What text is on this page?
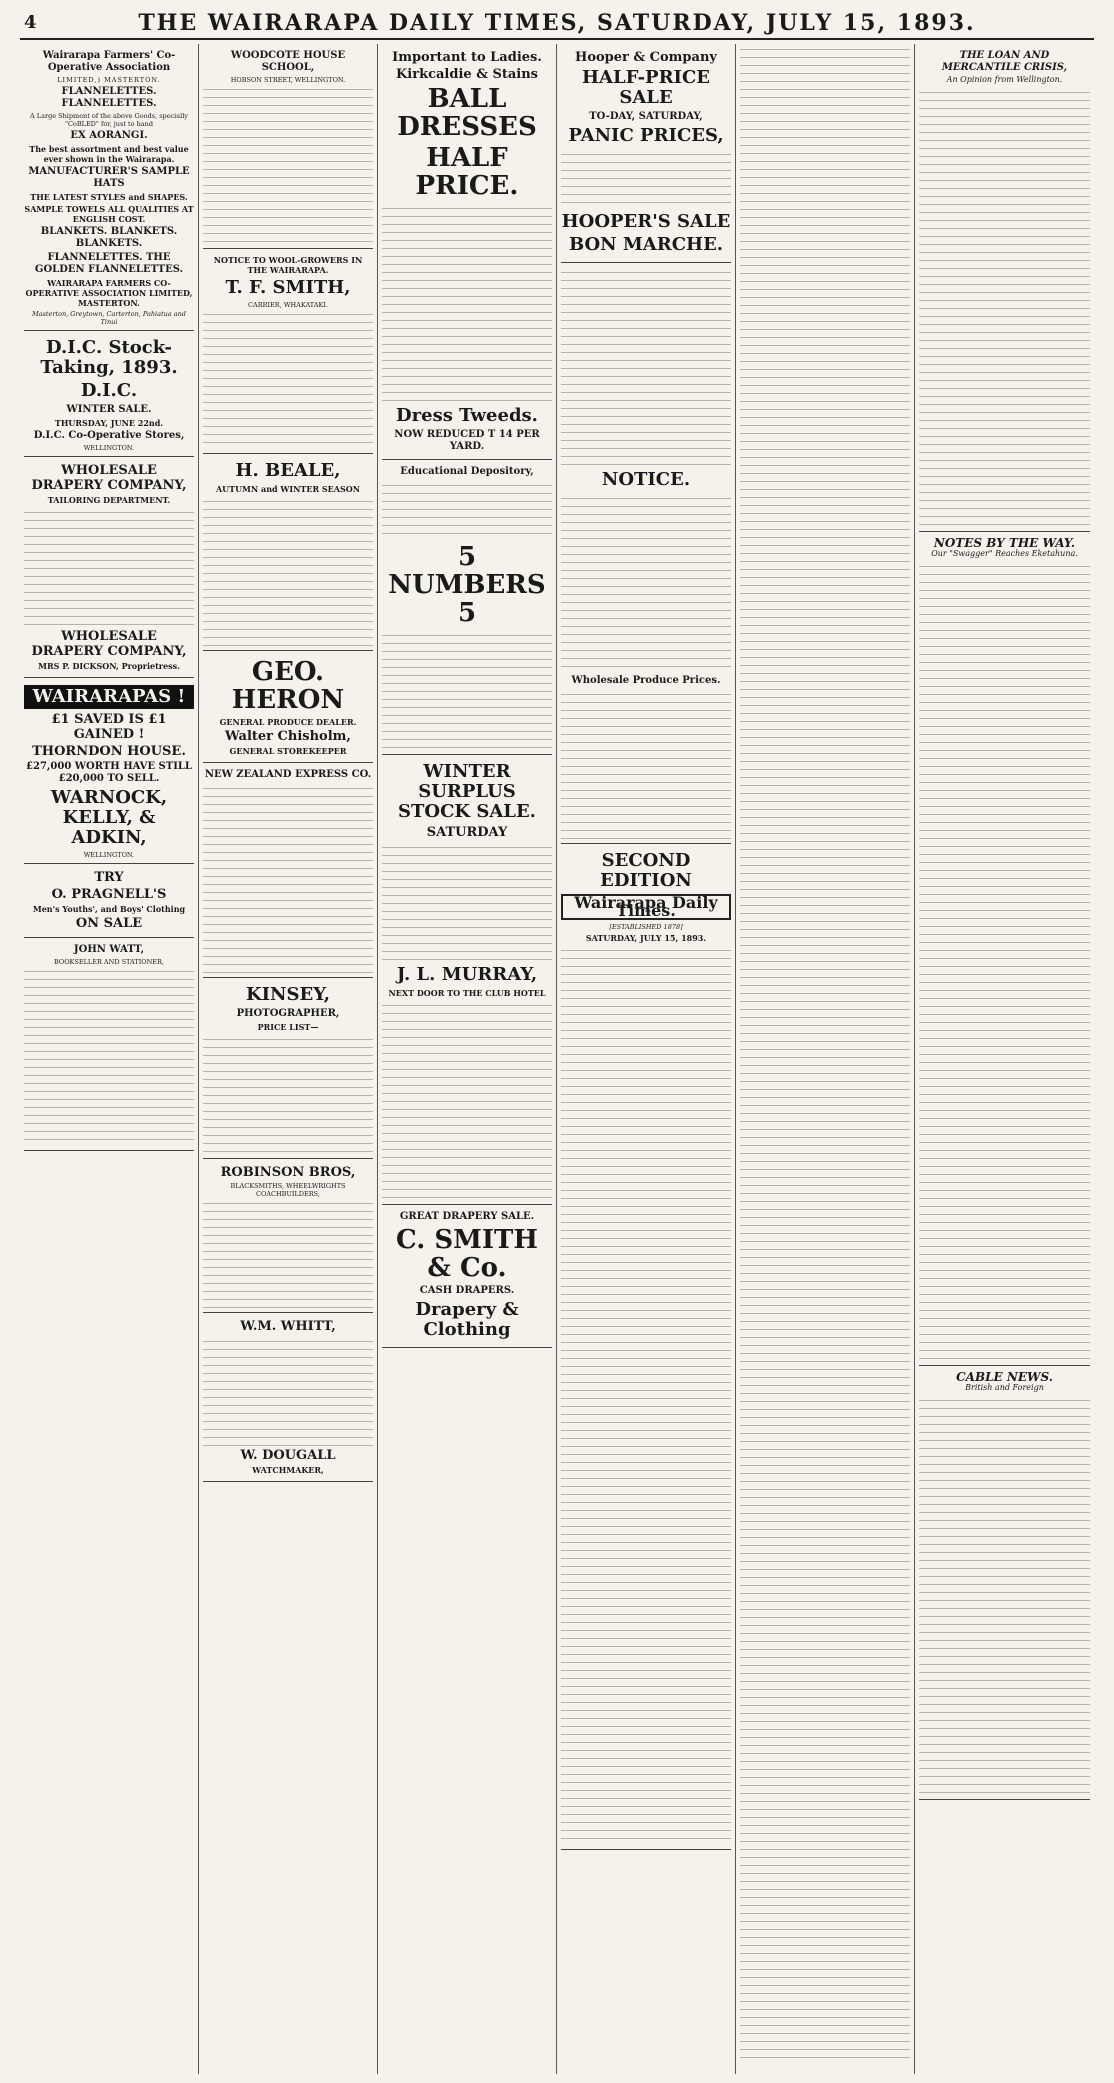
4	THE WAIRARAPA DAILY TIMES, SATURDAY, JULY 15, 1893.
Wairarapa Farmers' Co-Operative Association
LIMITED,) MASTERTON.
FLANNELETTES. FLANNELETTES.
A Large Shipment of the above Goods, specially "CoBLED" for, just to hand
EX AORANGI.
The best assortment and best value ever shown in the Wairarapa.
MANUFACTURER'S SAMPLE HATS
THE LATEST STYLES and SHAPES.
SAMPLE TOWELS ALL QUALITIES AT ENGLISH COST.
BLANKETS. BLANKETS. BLANKETS.
FLANNELETTES. THE GOLDEN FLANNELETTES.
WAIRARAPA FARMERS CO-OPERATIVE ASSOCIATION LIMITED, MASTERTON.
Masterton, Greytown, Carterton, Pahiatua and Tinui
D.I.C. Stock-Taking, 1893.
D.I.C.
WINTER SALE.
THURSDAY, JUNE 22nd.
D.I.C. Co-Operative Stores,
WELLINGTON.
WHOLESALE DRAPERY COMPANY,
TAILORING DEPARTMENT.
WHOLESALE DRAPERY COMPANY,
MRS P. DICKSON, Proprietress.
WAIRARAPAS !
£1 SAVED IS £1 GAINED !
THORNDON HOUSE.
£27,000 WORTH HAVE STILL £20,000 TO SELL.
WARNOCK, KELLY, & ADKIN,
WELLINGTON.
TRY
O. PRAGNELL'S
Men's Youths', and Boys' Clothing
ON SALE
JOHN WATT,
BOOKSELLER AND STATIONER,
WOODCOTE HOUSE SCHOOL,
HOBSON STREET, WELLINGTON.
NOTICE TO WOOL-GROWERS IN THE WAIRARAPA.
T. F. SMITH,
CARRIER, WHAKATAKI.
H. BEALE,
AUTUMN and WINTER SEASON
GEO. HERON
GENERAL PRODUCE DEALER.
Walter Chisholm,
GENERAL STOREKEEPER
NEW ZEALAND EXPRESS CO.
KINSEY,
PHOTOGRAPHER,
PRICE LIST—
ROBINSON BROS,
BLACKSMITHS, WHEELWRIGHTS COACHBUILDERS,
W.M. WHITT,
W. DOUGALL
WATCHMAKER,
Important to Ladies.
Kirkcaldie & Stains
BALL DRESSES
HALF PRICE.
Dress Tweeds.
NOW REDUCED T 14 PER YARD.
Educational Depository,
5 NUMBERS 5
WINTER SURPLUS STOCK SALE.
SATURDAY
J. L. MURRAY,
NEXT DOOR TO THE CLUB HOTEL
GREAT DRAPERY SALE.
C. SMITH & Co.
CASH DRAPERS.
Drapery & Clothing
Hooper & Company
HALF-PRICE SALE
TO-DAY, SATURDAY,
PANIC PRICES,
HOOPER'S SALE
BON MARCHE.
NOTICE.
Wholesale Produce Prices.
SECOND EDITION
Wairarapa Daily Times.
[ESTABLISHED 1878]
SATURDAY, JULY 15, 1893.
THE LOAN AND MERCANTILE CRISIS,
An Opinion from Wellington.
NOTES BY THE WAY.
Our "Swagger" Reaches Eketahuna.
CABLE NEWS.
British and Foreign
